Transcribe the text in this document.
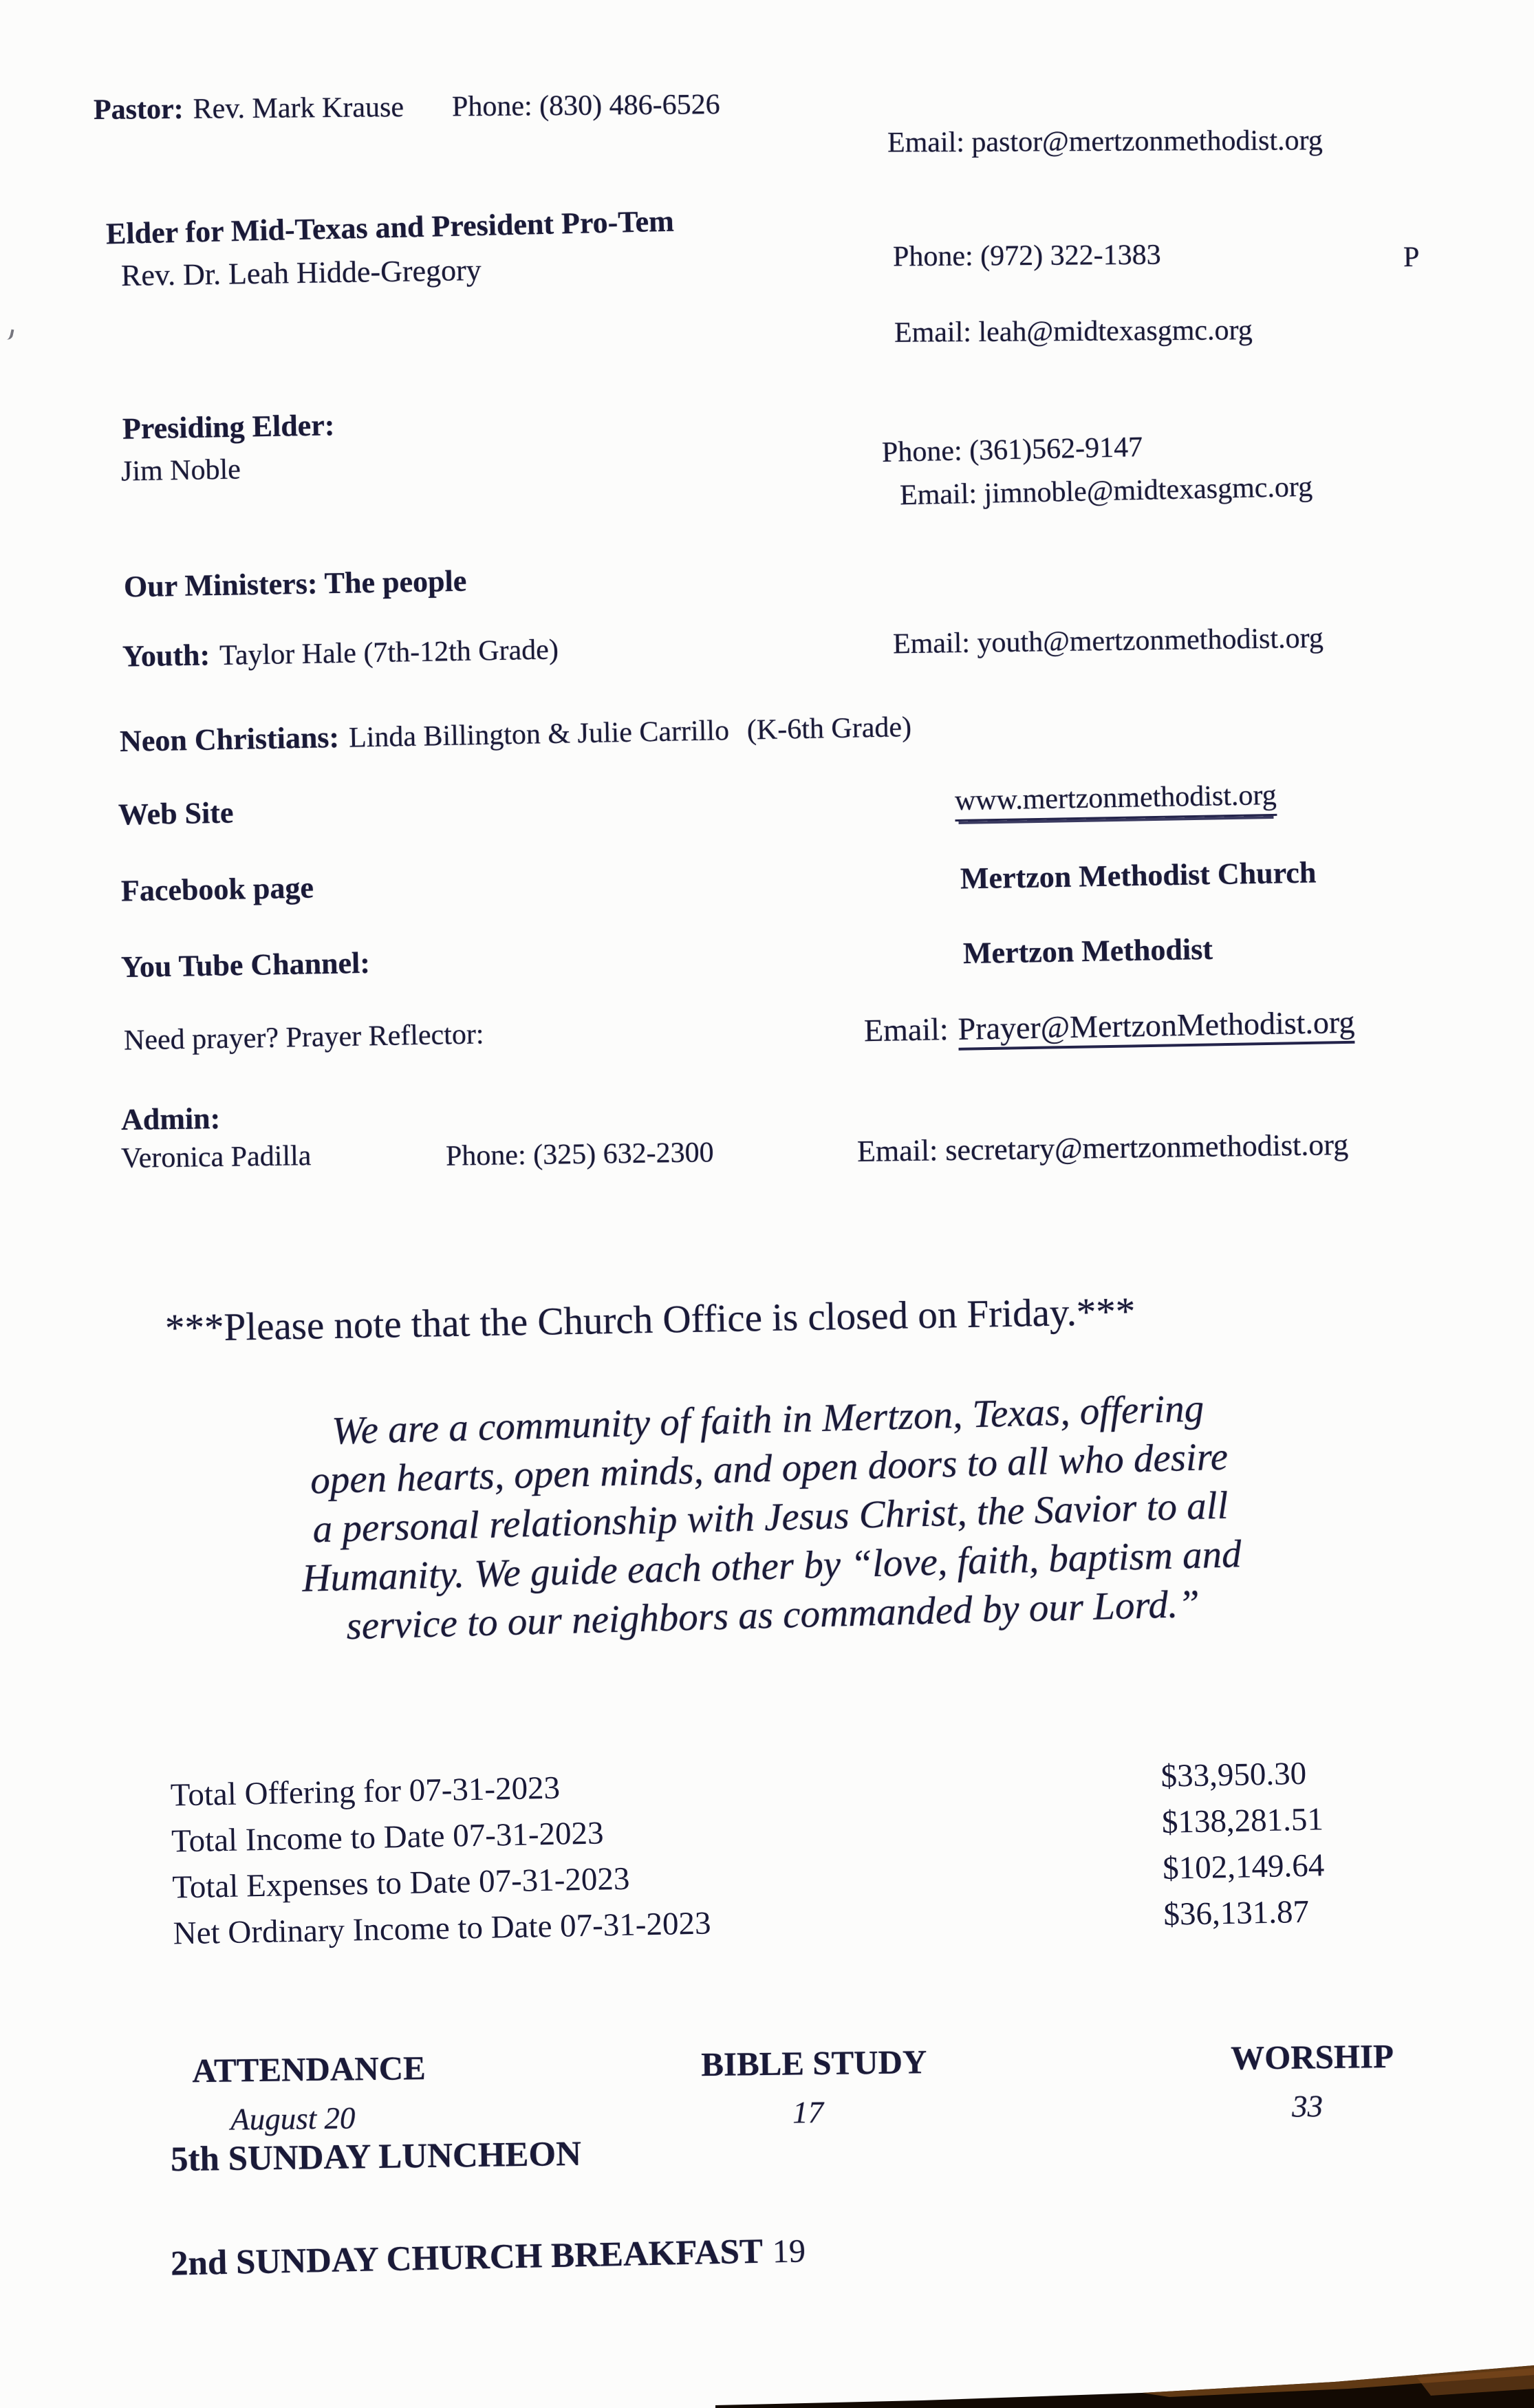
Pastor: Rev. Mark Krause Phone: (830) 486-6526
Email: pastor@mertzonmethodist.org
Elder for Mid-Texas and President Pro-Tem
Rev. Dr. Leah Hidde-Gregory	Phone: (972) 322-1383	P
Email: leah@midtexasgmc.org
Presiding Elder:
Jim Noble
Phone: (361)562-9147
Email: jimnoble@midtexasgmc.org
Our Ministers: The people
Youth: Taylor Hale (7th-12th Grade)	Email: youth@mertzonmethodist.org
Neon Christians: Linda Billington & Julie Carrillo (K-6th Grade)
Web Site	www.mertzonmethodist.org
Facebook page	Mertzon Methodist Church
You Tube Channel:	Mertzon Methodist
Need prayer? Prayer Reflector:	Email: Prayer@MertzonMethodist.org
Admin:
Veronica Padilla	Phone: (325) 632-2300	Email: secretary@mertzonmethodist.org
***Please note that the Church Office is closed on Friday.***
We are a community of faith in Mertzon, Texas, offering
open hearts, open minds, and open doors to all who desire
a personal relationship with Jesus Christ, the Savior to all
Humanity. We guide each other by “love, faith, baptism and
service to our neighbors as commanded by our Lord.”
Total Offering for 07-31-2023	$33,950.30
Total Income to Date 07-31-2023	$138,281.51
Total Expenses to Date 07-31-2023	$102,149.64
Net Ordinary Income to Date 07-31-2023	$36,131.87
ATTENDANCE	BIBLE STUDY	WORSHIP
August 20	17	33
5th SUNDAY LUNCHEON
2nd SUNDAY CHURCH BREAKFAST 19
